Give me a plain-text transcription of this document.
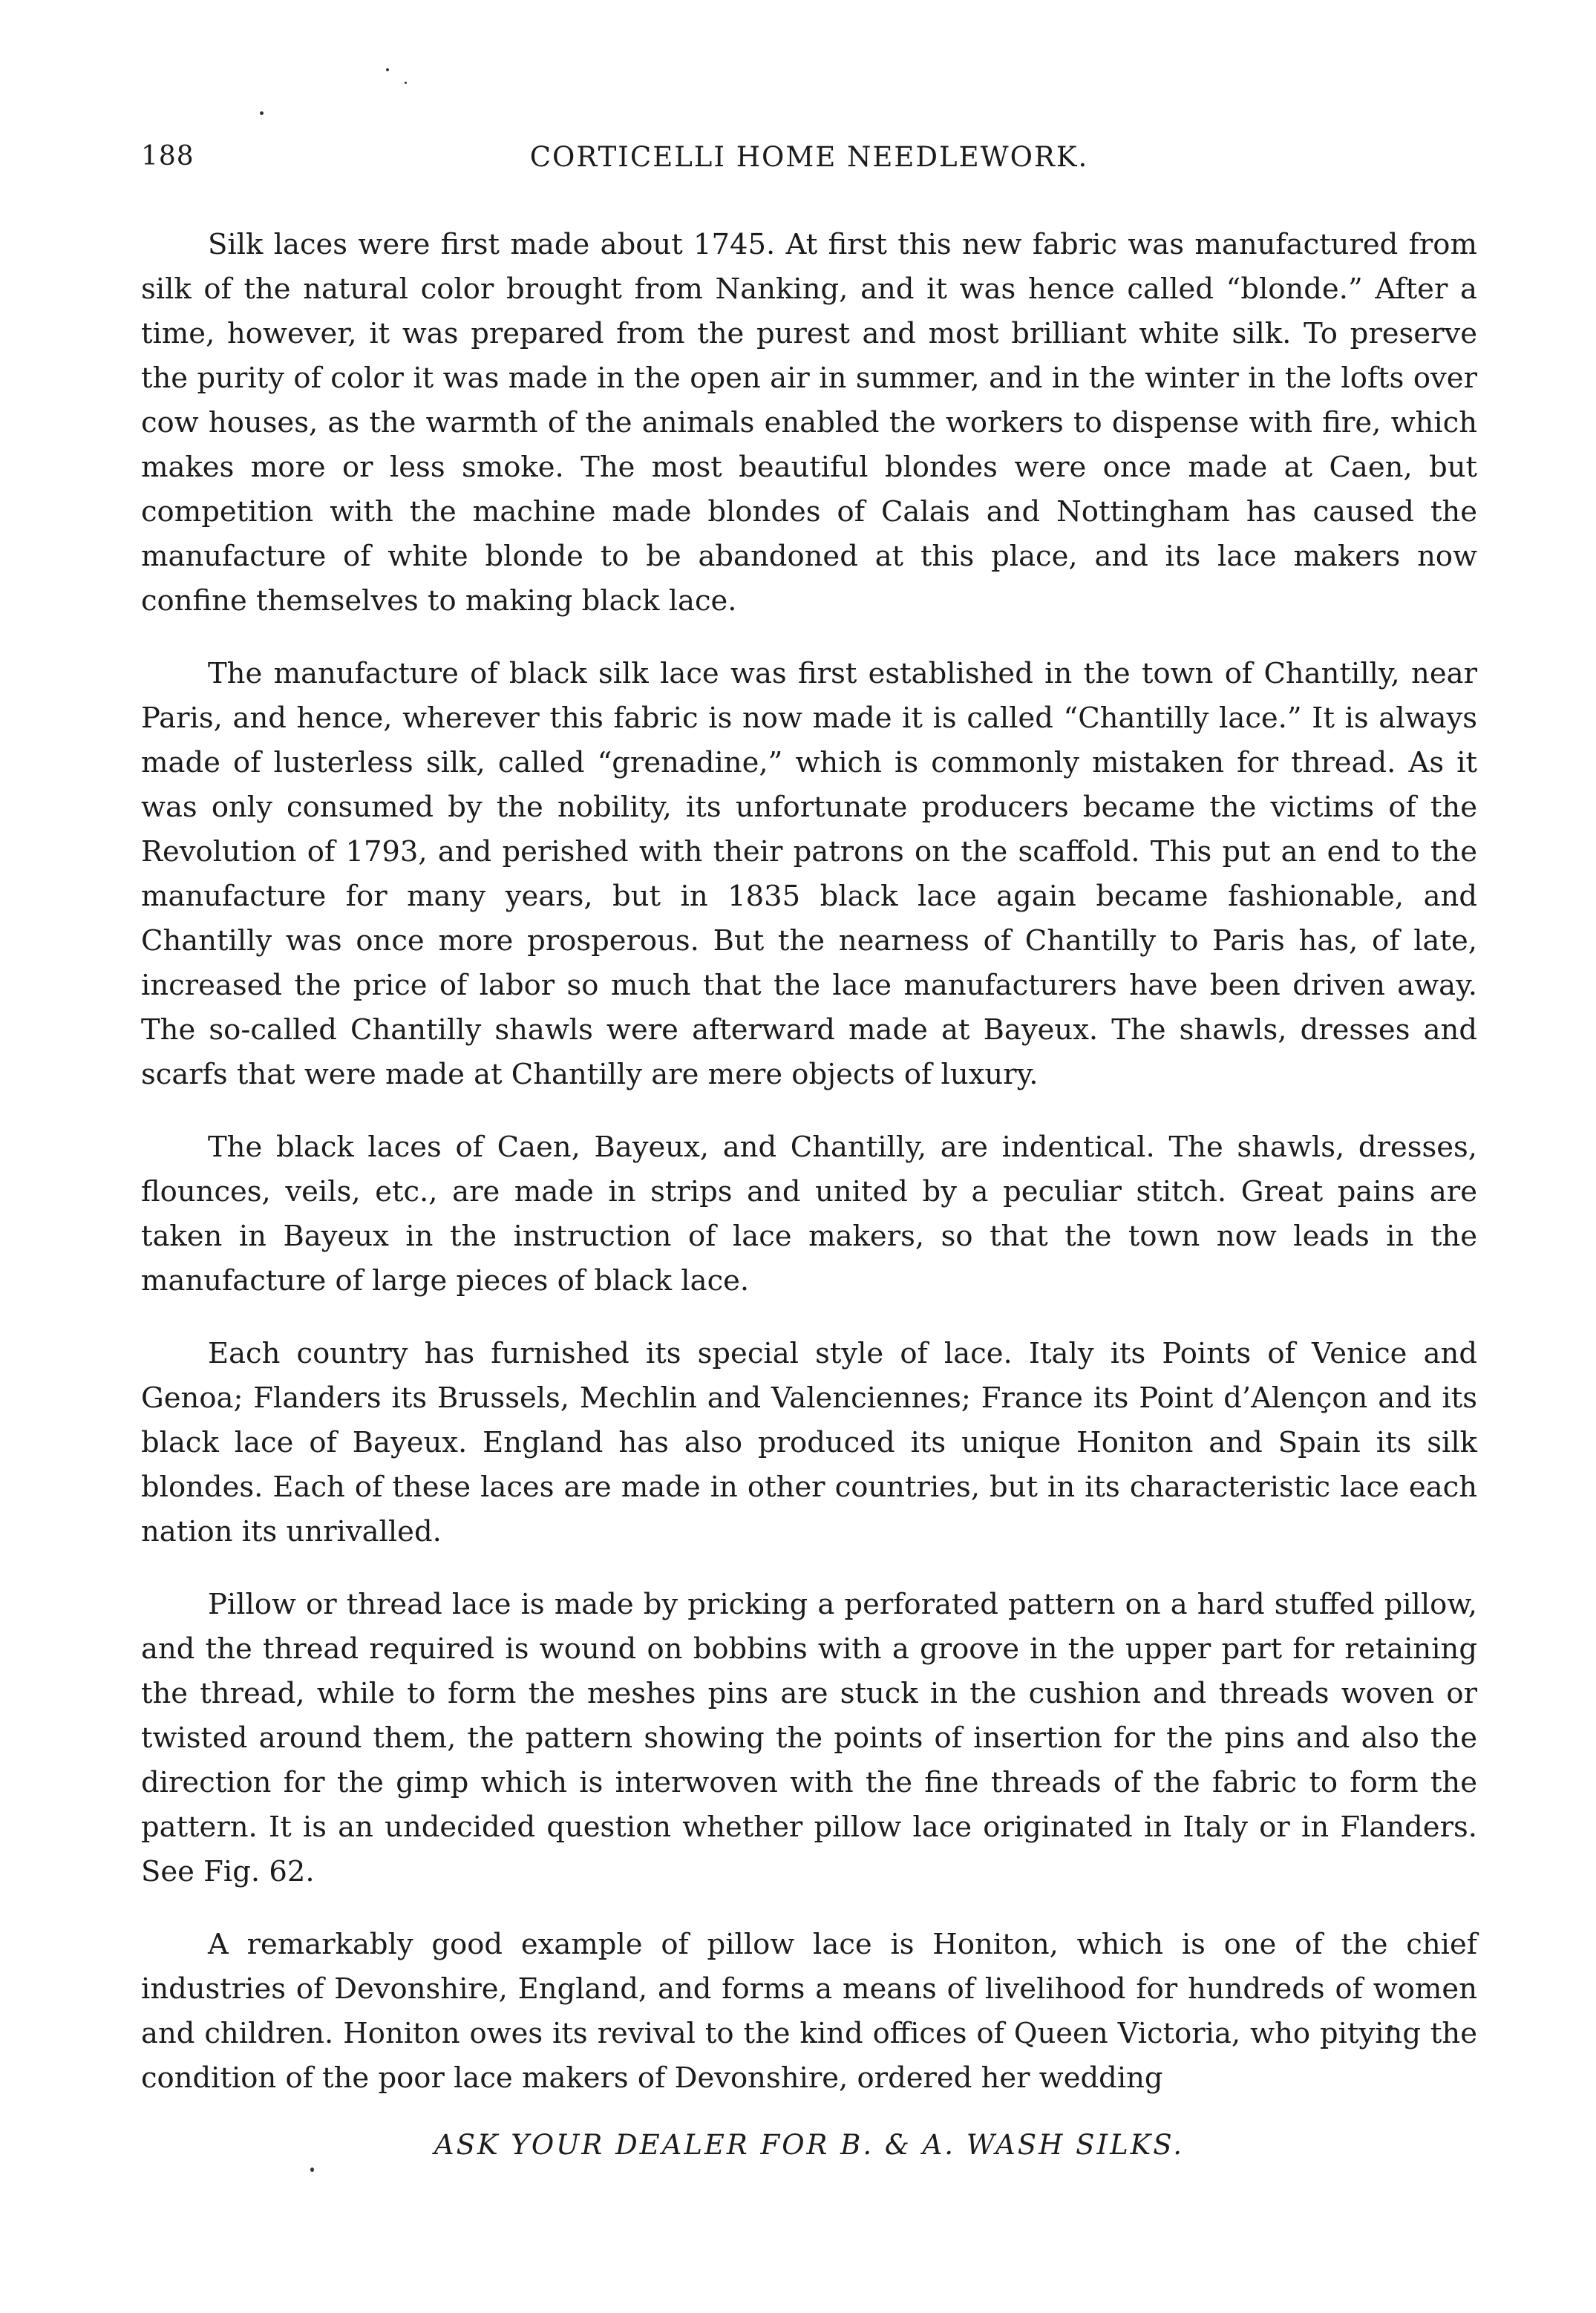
188	CORTICELLI HOME NEEDLEWORK.

Silk laces were first made about 1745. At first this new fabric was manufactured from silk of the natural color brought from Nanking, and it was hence called “blonde.” After a time, however, it was prepared from the purest and most brilliant white silk. To preserve the purity of color it was made in the open air in summer, and in the winter in the lofts over cow houses, as the warmth of the animals enabled the workers to dispense with fire, which makes more or less smoke. The most beautiful blondes were once made at Caen, but competition with the machine made blondes of Calais and Nottingham has caused the manufacture of white blonde to be abandoned at this place, and its lace makers now confine themselves to making black lace.

The manufacture of black silk lace was first established in the town of Chantilly, near Paris, and hence, wherever this fabric is now made it is called “Chantilly lace.” It is always made of lusterless silk, called “grenadine,” which is commonly mistaken for thread. As it was only consumed by the nobility, its unfortunate producers became the victims of the Revolution of 1793, and perished with their patrons on the scaffold. This put an end to the manufacture for many years, but in 1835 black lace again became fashionable, and Chantilly was once more prosperous. But the nearness of Chantilly to Paris has, of late, increased the price of labor so much that the lace manufacturers have been driven away. The so-called Chantilly shawls were afterward made at Bayeux. The shawls, dresses and scarfs that were made at Chantilly are mere objects of luxury.

The black laces of Caen, Bayeux, and Chantilly, are indentical. The shawls, dresses, flounces, veils, etc., are made in strips and united by a peculiar stitch. Great pains are taken in Bayeux in the instruction of lace makers, so that the town now leads in the manufacture of large pieces of black lace.

Each country has furnished its special style of lace. Italy its Points of Venice and Genoa; Flanders its Brussels, Mechlin and Valenciennes; France its Point d’Alençon and its black lace of Bayeux. England has also produced its unique Honiton and Spain its silk blondes. Each of these laces are made in other countries, but in its characteristic lace each nation its unrivalled.

Pillow or thread lace is made by pricking a perforated pattern on a hard stuffed pillow, and the thread required is wound on bobbins with a groove in the upper part for retaining the thread, while to form the meshes pins are stuck in the cushion and threads woven or twisted around them, the pattern showing the points of insertion for the pins and also the direction for the gimp which is interwoven with the fine threads of the fabric to form the pattern. It is an undecided question whether pillow lace originated in Italy or in Flanders. See Fig. 62.

A remarkably good example of pillow lace is Honiton, which is one of the chief industries of Devonshire, England, and forms a means of livelihood for hundreds of women and children. Honiton owes its revival to the kind offices of Queen Victoria, who pitying the condition of the poor lace makers of Devonshire, ordered her wedding

ASK YOUR DEALER FOR B. & A. WASH SILKS.
